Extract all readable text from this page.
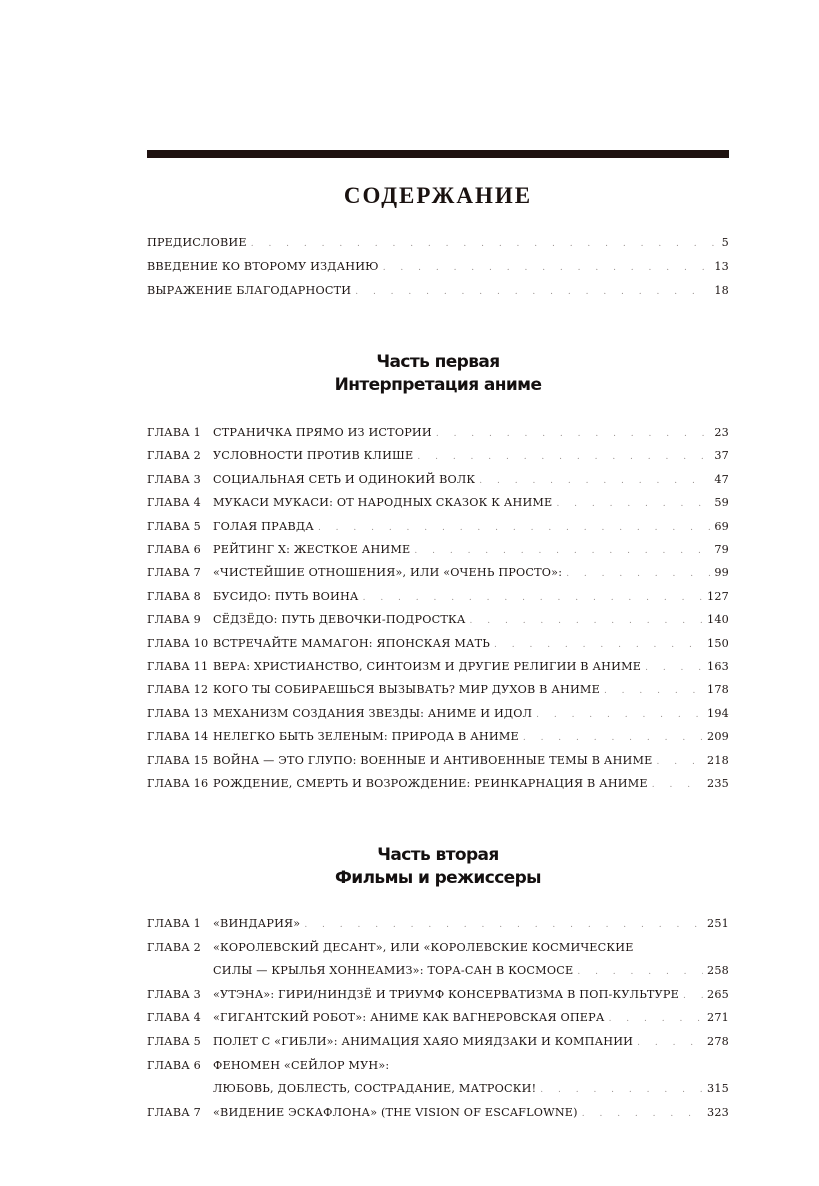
СОДЕРЖАНИЕ
ПРЕДИСЛОВИЕ . . .	5
ВВЕДЕНИЕ КО ВТОРОМУ ИЗДАНИЮ . . .	13
ВЫРАЖЕНИЕ БЛАГОДАРНОСТИ . . .	18
Часть первая
Интерпретация аниме
ГЛАВА 1	СТРАНИЧКА ПРЯМО ИЗ ИСТОРИИ . . .	23
ГЛАВА 2	УСЛОВНОСТИ ПРОТИВ КЛИШЕ . . .	37
ГЛАВА 3	СОЦИАЛЬНАЯ СЕТЬ И ОДИНОКИЙ ВОЛК . . .	47
ГЛАВА 4	МУКАСИ МУКАСИ: ОТ НАРОДНЫХ СКАЗОК К АНИМЕ . . .	59
ГЛАВА 5	ГОЛАЯ ПРАВДА . . .	69
ГЛАВА 6	РЕЙТИНГ X: ЖЕСТКОЕ АНИМЕ . . .	79
ГЛАВА 7	«ЧИСТЕЙШИЕ ОТНОШЕНИЯ», ИЛИ «ОЧЕНЬ ПРОСТО»: . . .	99
ГЛАВА 8	БУСИДО: ПУТЬ ВОИНА . . .	127
ГЛАВА 9	СЁДЗЁДО: ПУТЬ ДЕВОЧКИ-ПОДРОСТКА . . .	140
ГЛАВА 10 ВСТРЕЧАЙТЕ МАМАГОН: ЯПОНСКАЯ МАТЬ . . .	150
ГЛАВА 11 ВЕРА: ХРИСТИАНСТВО, СИНТОИЗМ И ДРУГИЕ РЕЛИГИИ В АНИМЕ . . .	163
ГЛАВА 12 КОГО ТЫ СОБИРАЕШЬСЯ ВЫЗЫВАТЬ? МИР ДУХОВ В АНИМЕ . . .	178
ГЛАВА 13 МЕХАНИЗМ СОЗДАНИЯ ЗВЕЗДЫ: АНИМЕ И ИДОЛ . . .	194
ГЛАВА 14 НЕЛЕГКО БЫТЬ ЗЕЛЕНЫМ: ПРИРОДА В АНИМЕ . . .	209
ГЛАВА 15 ВОЙНА — ЭТО ГЛУПО: ВОЕННЫЕ И АНТИВОЕННЫЕ ТЕМЫ В АНИМЕ . . .	218
ГЛАВА 16 РОЖДЕНИЕ, СМЕРТЬ И ВОЗРОЖДЕНИЕ: РЕИНКАРНАЦИЯ В АНИМЕ . . .	235
Часть вторая
Фильмы и режиссеры
ГЛАВА 1	«ВИНДАРИЯ» . . .	251
ГЛАВА 2	«КОРОЛЕВСКИЙ ДЕСАНТ», ИЛИ «КОРОЛЕВСКИЕ КОСМИЧЕСКИЕ
СИЛЫ — КРЫЛЬЯ ХОННЕАМИЗ»: ТОРА-САН В КОСМОСЕ . . .	258
ГЛАВА 3	«УТЭНА»: ГИРИ/НИНДЗЁ И ТРИУМФ КОНСЕРВАТИЗМА В ПОП-КУЛЬТУРЕ . . .	265
ГЛАВА 4	«ГИГАНТСКИЙ РОБОТ»: АНИМЕ КАК ВАГНЕРОВСКАЯ ОПЕРА . . .	271
ГЛАВА 5	ПОЛЕТ С «ГИБЛИ»: АНИМАЦИЯ ХАЯО МИЯДЗАКИ И КОМПАНИИ . . .	278
ГЛАВА 6	ФЕНОМЕН «СЕЙЛОР МУН»:
ЛЮБОВЬ, ДОБЛЕСТЬ, СОСТРАДАНИЕ, МАТРОСКИ! . . .	315
ГЛАВА 7	«ВИДЕНИЕ ЭСКАФЛОНА» (THE VISION OF ESCAFLOWNE) . . .	323
